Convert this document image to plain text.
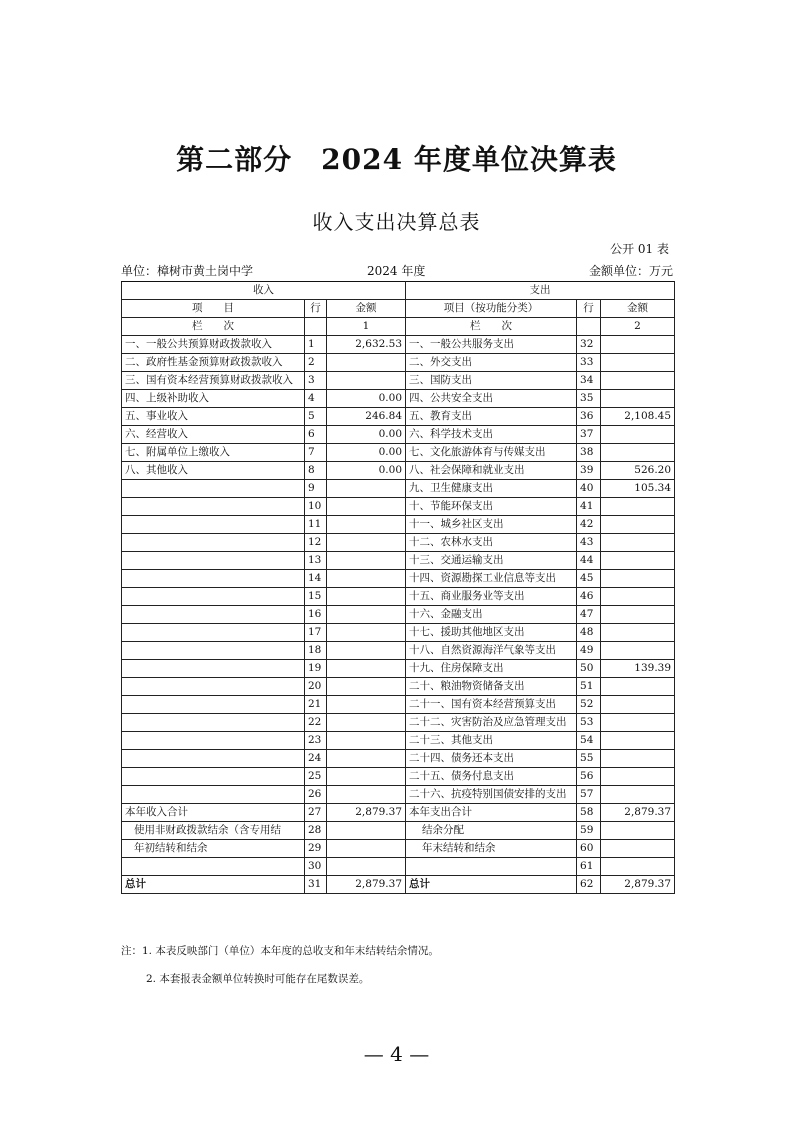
第二部分　2024 年度单位决算表
收入支出决算总表
公开 01 表
单位：樟树市黄土岗中学	2024 年度	金额单位：万元
收入			支出		
项　　目	行	金额	项目（按功能分类）	行	金额
栏　　次		1	栏　　次		2
一、一般公共预算财政拨款收入	1	2,632.53	一、一般公共服务支出	32	
二、政府性基金预算财政拨款收入	2		二、外交支出	33	
三、国有资本经营预算财政拨款收入	3		三、国防支出	34	
四、上级补助收入	4	0.00	四、公共安全支出	35	
五、事业收入	5	246.84	五、教育支出	36	2,108.45
六、经营收入	6	0.00	六、科学技术支出	37	
七、附属单位上缴收入	7	0.00	七、文化旅游体育与传媒支出	38	
八、其他收入	8	0.00	八、社会保障和就业支出	39	526.20
	9		九、卫生健康支出	40	105.34
	10		十、节能环保支出	41	
	11		十一、城乡社区支出	42	
	12		十二、农林水支出	43	
	13		十三、交通运输支出	44	
	14		十四、资源勘探工业信息等支出	45	
	15		十五、商业服务业等支出	46	
	16		十六、金融支出	47	
	17		十七、援助其他地区支出	48	
	18		十八、自然资源海洋气象等支出	49	
	19		十九、住房保障支出	50	139.39
	20		二十、粮油物资储备支出	51	
	21		二十一、国有资本经营预算支出	52	
	22		二十二、灾害防治及应急管理支出	53	
	23		二十三、其他支出	54	
	24		二十四、债务还本支出	55	
	25		二十五、债务付息支出	56	
	26		二十六、抗疫特别国债安排的支出	57	
本年收入合计	27	2,879.37	本年支出合计	58	2,879.37
使用非财政拨款结余（含专用结	28		结余分配	59	
年初结转和结余	29		年末结转和结余	60	
	30			61	
总计	31	2,879.37	总计	62	2,879.37
注：1. 本表反映部门（单位）本年度的总收支和年末结转结余情况。
2. 本套报表金额单位转换时可能存在尾数误差。
— 4 —
